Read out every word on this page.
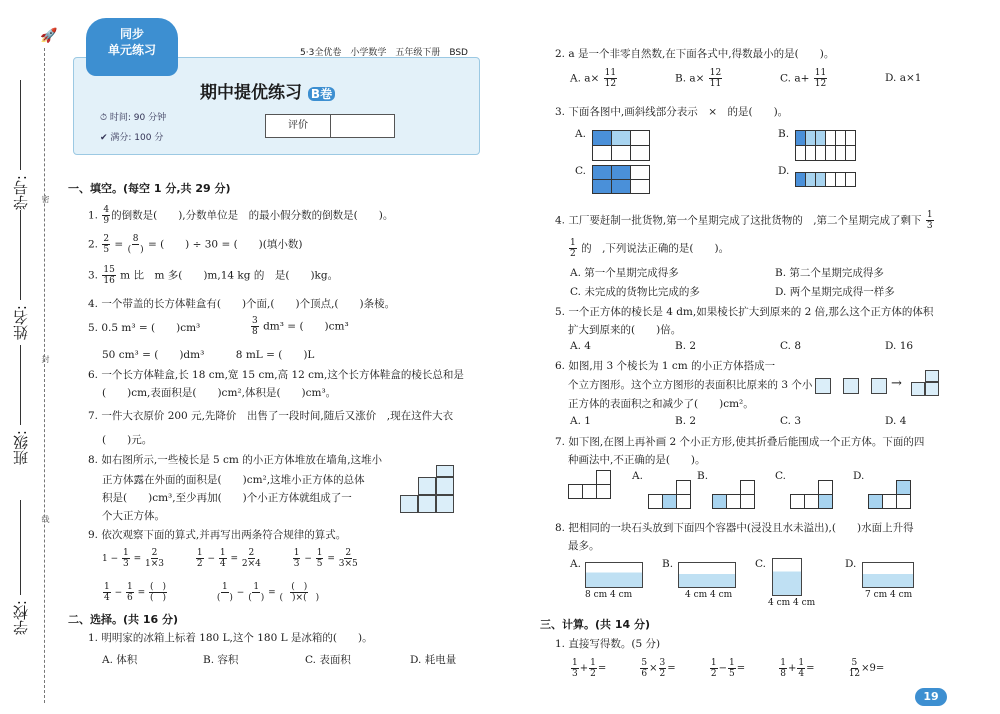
🚀
学号:
姓名:
班级:
学校:
密
封
线
同步
单元练习	5·3全优卷　小学数学　五年级下册　BSD
期中提优练习 B卷
⏱ 时间: 90 分钟
✔ 满分: 100 分
评价
一、填空。(每空 1 分,共 29 分)
1. $\frac{4}{9}$ 的倒数是(　　),分数单位是　的最小假分数的倒数是(　　)。
2. $\frac{2}{5} = \frac{8}{( )}$ = (　　) ÷ 30 = (　　)(填小数)
3. $\frac{15}{16}$ m 比　m 多(　　)m,14 kg 的　是(　　)kg。
4. 一个带盖的长方体鞋盒有(　　)个面,(　　)个顶点,(　　)条棱。
5. 0.5 m³ = (　　)cm³	$\frac{3}{8} dm^3$ = (　　)cm³
50 cm³ = (　　)dm³　　　8 mL = (　　)L
6. 一个长方体鞋盒,长 18 cm,宽 15 cm,高 12 cm,这个长方体鞋盒的棱长总和是
(　　)cm,表面积是(　　)cm²,体积是(　　)cm³。
7. 一件大衣原价 200 元,先降价　出售了一段时间,随后又涨价　,现在这件大衣
(　　)元。
8. 如右图所示,一些棱长是 5 cm 的小正方体堆放在墙角,这堆小
正方体露在外面的面积是(　　)cm²,这堆小正方体的总体
积是(　　)cm³,至少再加(　　)个小正方体就组成了一
个大正方体。
9. 依次观察下面的算式,并再写出两条符合规律的算式。
$1 - \frac{1}{3} = \frac{2}{1\times 3}$
　　　	$\frac{1}{2} - \frac{1}{4} = \frac{2}{2\times 4}$
　　　	$\frac{1}{3} - \frac{1}{5} = \frac{2}{3\times 5}$
$\frac{1}{4} - \frac{1}{6} = \frac{( )}{( )}$
　　　　　	$\frac{1}{( )} - \frac{1}{( )} = \frac{( )}{( )\times( )}$
二、选择。(共 16 分)
1. 明明家的冰箱上标着 180 L,这个 180 L 是冰箱的(　　)。
A. 体积	B. 容积	C. 表面积	D. 耗电量
2. a 是一个非零自然数,在下面各式中,得数最小的是(　　)。
A. $a\times \frac{11}{12}$	B. $a\times \frac{12}{11}$	C. $a+ \frac{11}{12}$	D. a×1
3. 下面各图中,画斜线部分表示　×　的是(　　)。
A.	B.
C.	D.
4. 工厂要赶制一批货物,第一个星期完成了这批货物的　,第二个星期完成了剩下 $\frac{1}{3}$
$\frac{1}{2}$ 的　,下列说法正确的是(　　)。
A. 第一个星期完成得多	B. 第二个星期完成得多
C. 未完成的货物比完成的多	D. 两个星期完成得一样多
5. 一个正方体的棱长是 4 dm,如果棱长扩大到原来的 2 倍,那么这个正方体的体积
扩大到原来的(　　)倍。
A. 4	B. 2	C. 8	D. 16
6. 如图,用 3 个棱长为 1 cm 的小正方体搭成一
个立方图形。这个立方图形的表面积比原来的 3 个小
正方体的表面积之和减少了(　　)cm²。
→
A. 1	B. 2	C. 3	D. 4
7. 如下图,在图上再补画 2 个小正方形,使其折叠后能围成一个正方体。下面的四
种画法中,不正确的是(　　)。
A.	B.	C.	D.
8. 把相同的一块石头放到下面四个容器中(浸没且水未溢出),(　　)水面上升得
最多。
A.
8 cm 4 cm
B.
4 cm 4 cm
C.
4 cm 4 cm
D.
7 cm 4 cm
三、计算。(共 14 分)
1. 直接写得数。(5 分)
$\frac{1}{3} + \frac{1}{2}$ = 　　　 $\frac{5}{6} \times \frac{3}{2}$ = 　　　 $\frac{1}{2} - \frac{1}{5}$ = 　　　 $\frac{1}{8} + \frac{1}{4}$ = 　　　 $\frac{5}{12} \times 9=$
19
